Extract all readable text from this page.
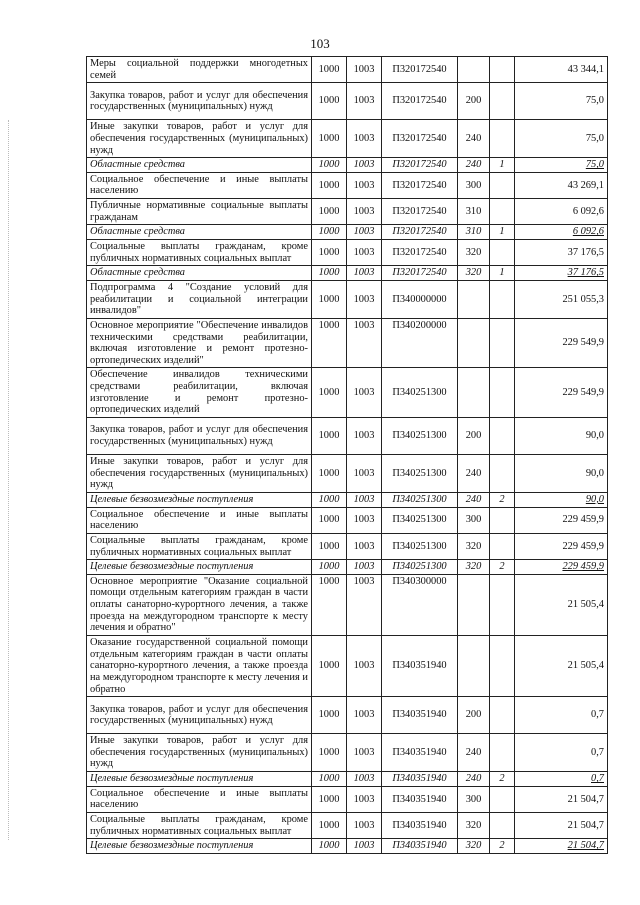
103
Меры социальной поддержки многодетных семей	1000	1003	П320172540			43 344,1
Закупка товаров, работ и услуг для обеспечения государственных (муниципальных) нужд	1000	1003	П320172540	200		75,0
Иные закупки товаров, работ и услуг для обеспечения государственных (муниципальных) нужд	1000	1003	П320172540	240		75,0
Областные средства	1000	1003	П320172540	240	1	75,0
Социальное обеспечение и иные выплаты населению	1000	1003	П320172540	300		43 269,1
Публичные нормативные социальные выплаты гражданам	1000	1003	П320172540	310		6 092,6
Областные средства	1000	1003	П320172540	310	1	6 092,6
Социальные выплаты гражданам, кроме публичных нормативных социальных выплат	1000	1003	П320172540	320		37 176,5
Областные средства	1000	1003	П320172540	320	1	37 176,5
Подпрограмма 4 "Создание условий для реабилитации и социальной интеграции инвалидов"	1000	1003	П340000000			251 055,3
Основное мероприятие "Обеспечение инвалидов техническими средствами реабилитации, включая изготовление и ремонт протезно-ортопедических изделий"	1000	1003	П340200000			229 549,9
Обеспечение инвалидов техническими средствами реабилитации, включая изготовление и ремонт протезно-ортопедических изделий	1000	1003	П340251300			229 549,9
Закупка товаров, работ и услуг для обеспечения государственных (муниципальных) нужд	1000	1003	П340251300	200		90,0
Иные закупки товаров, работ и услуг для обеспечения государственных (муниципальных) нужд	1000	1003	П340251300	240		90,0
Целевые безвозмездные поступления	1000	1003	П340251300	240	2	90,0
Социальное обеспечение и иные выплаты населению	1000	1003	П340251300	300		229 459,9
Социальные выплаты гражданам, кроме публичных нормативных социальных выплат	1000	1003	П340251300	320		229 459,9
Целевые безвозмездные поступления	1000	1003	П340251300	320	2	229 459,9
Основное мероприятие "Оказание социальной помощи отдельным категориям граждан в части оплаты санаторно-курортного лечения, а также проезда на междугородном транспорте к месту лечения и обратно"	1000	1003	П340300000			21 505,4
Оказание государственной социальной помощи отдельным категориям граждан в части оплаты санаторно-курортного лечения, а также проезда на междугородном транспорте к месту лечения и обратно	1000	1003	П340351940			21 505,4
Закупка товаров, работ и услуг для обеспечения государственных (муниципальных) нужд	1000	1003	П340351940	200		0,7
Иные закупки товаров, работ и услуг для обеспечения государственных (муниципальных) нужд	1000	1003	П340351940	240		0,7
Целевые безвозмездные поступления	1000	1003	П340351940	240	2	0,7
Социальное обеспечение и иные выплаты населению	1000	1003	П340351940	300		21 504,7
Социальные выплаты гражданам, кроме публичных нормативных социальных выплат	1000	1003	П340351940	320		21 504,7
Целевые безвозмездные поступления	1000	1003	П340351940	320	2	21 504,7
